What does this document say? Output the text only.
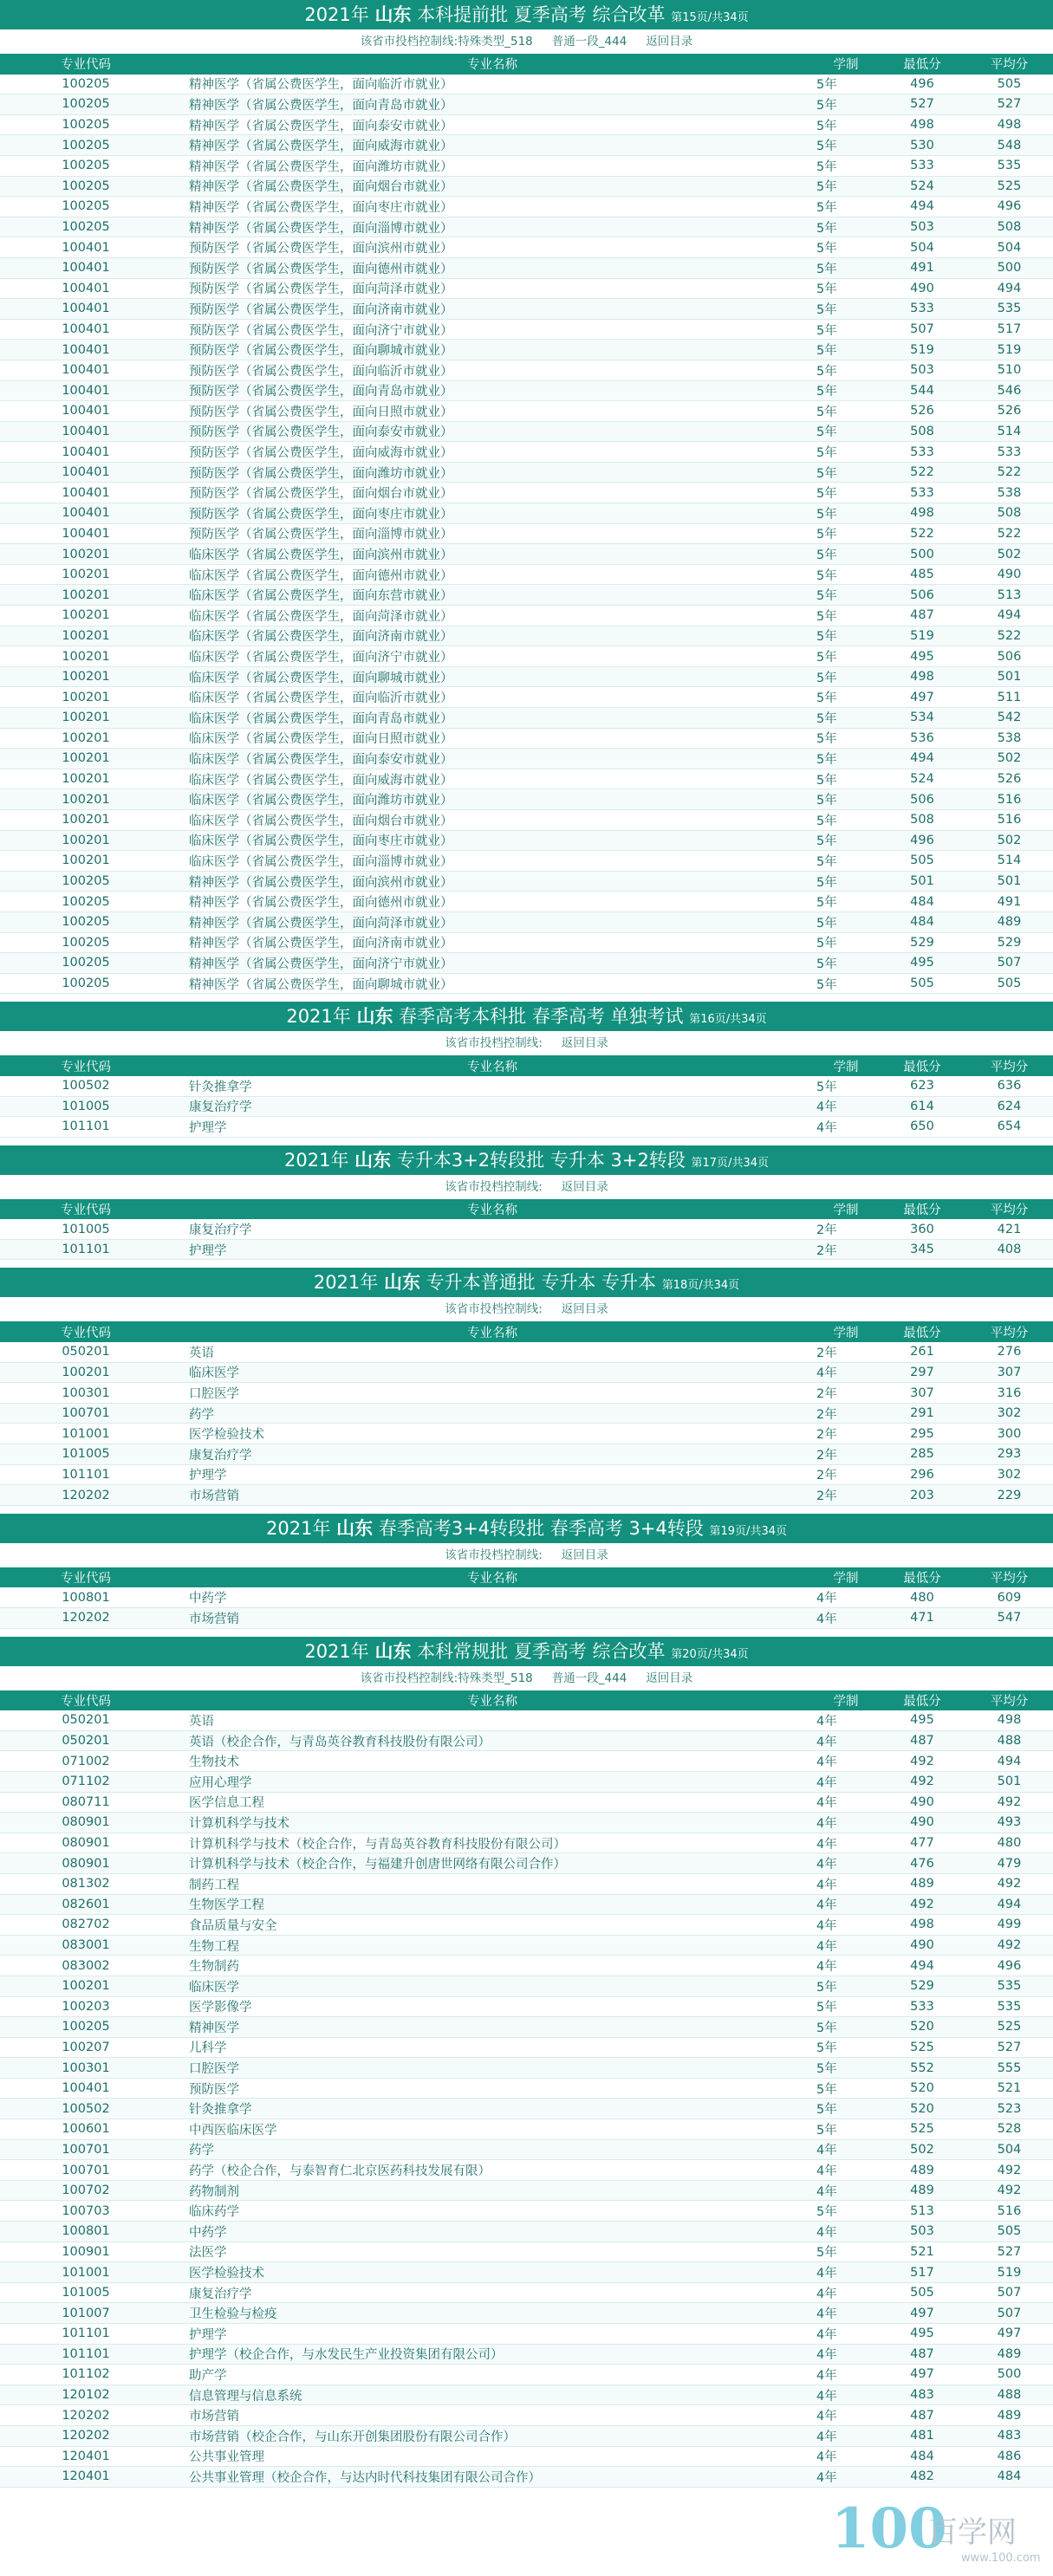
2021年 山东 本科提前批 夏季高考 综合改革 第15页/共34页
该省市投档控制线:特殊类型_518 普通一段_444 返回目录
专业代码	专业名称	学制	最低分	平均分
100205	精神医学（省属公费医学生，面向临沂市就业）	5年	496	505
100205	精神医学（省属公费医学生，面向青岛市就业）	5年	527	527
100205	精神医学（省属公费医学生，面向泰安市就业）	5年	498	498
100205	精神医学（省属公费医学生，面向威海市就业）	5年	530	548
100205	精神医学（省属公费医学生，面向潍坊市就业）	5年	533	535
100205	精神医学（省属公费医学生，面向烟台市就业）	5年	524	525
100205	精神医学（省属公费医学生，面向枣庄市就业）	5年	494	496
100205	精神医学（省属公费医学生，面向淄博市就业）	5年	503	508
100401	预防医学（省属公费医学生，面向滨州市就业）	5年	504	504
100401	预防医学（省属公费医学生，面向德州市就业）	5年	491	500
100401	预防医学（省属公费医学生，面向菏泽市就业）	5年	490	494
100401	预防医学（省属公费医学生，面向济南市就业）	5年	533	535
100401	预防医学（省属公费医学生，面向济宁市就业）	5年	507	517
100401	预防医学（省属公费医学生，面向聊城市就业）	5年	519	519
100401	预防医学（省属公费医学生，面向临沂市就业）	5年	503	510
100401	预防医学（省属公费医学生，面向青岛市就业）	5年	544	546
100401	预防医学（省属公费医学生，面向日照市就业）	5年	526	526
100401	预防医学（省属公费医学生，面向泰安市就业）	5年	508	514
100401	预防医学（省属公费医学生，面向威海市就业）	5年	533	533
100401	预防医学（省属公费医学生，面向潍坊市就业）	5年	522	522
100401	预防医学（省属公费医学生，面向烟台市就业）	5年	533	538
100401	预防医学（省属公费医学生，面向枣庄市就业）	5年	498	508
100401	预防医学（省属公费医学生，面向淄博市就业）	5年	522	522
100201	临床医学（省属公费医学生，面向滨州市就业）	5年	500	502
100201	临床医学（省属公费医学生，面向德州市就业）	5年	485	490
100201	临床医学（省属公费医学生，面向东营市就业）	5年	506	513
100201	临床医学（省属公费医学生，面向菏泽市就业）	5年	487	494
100201	临床医学（省属公费医学生，面向济南市就业）	5年	519	522
100201	临床医学（省属公费医学生，面向济宁市就业）	5年	495	506
100201	临床医学（省属公费医学生，面向聊城市就业）	5年	498	501
100201	临床医学（省属公费医学生，面向临沂市就业）	5年	497	511
100201	临床医学（省属公费医学生，面向青岛市就业）	5年	534	542
100201	临床医学（省属公费医学生，面向日照市就业）	5年	536	538
100201	临床医学（省属公费医学生，面向泰安市就业）	5年	494	502
100201	临床医学（省属公费医学生，面向威海市就业）	5年	524	526
100201	临床医学（省属公费医学生，面向潍坊市就业）	5年	506	516
100201	临床医学（省属公费医学生，面向烟台市就业）	5年	508	516
100201	临床医学（省属公费医学生，面向枣庄市就业）	5年	496	502
100201	临床医学（省属公费医学生，面向淄博市就业）	5年	505	514
100205	精神医学（省属公费医学生，面向滨州市就业）	5年	501	501
100205	精神医学（省属公费医学生，面向德州市就业）	5年	484	491
100205	精神医学（省属公费医学生，面向菏泽市就业）	5年	484	489
100205	精神医学（省属公费医学生，面向济南市就业）	5年	529	529
100205	精神医学（省属公费医学生，面向济宁市就业）	5年	495	507
100205	精神医学（省属公费医学生，面向聊城市就业）	5年	505	505
2021年 山东 春季高考本科批 春季高考 单独考试 第16页/共34页
该省市投档控制线: 返回目录
专业代码	专业名称	学制	最低分	平均分
100502	针灸推拿学	5年	623	636
101005	康复治疗学	4年	614	624
101101	护理学	4年	650	654
2021年 山东 专升本3+2转段批 专升本 3+2转段 第17页/共34页
该省市投档控制线: 返回目录
专业代码	专业名称	学制	最低分	平均分
101005	康复治疗学	2年	360	421
101101	护理学	2年	345	408
2021年 山东 专升本普通批 专升本 专升本 第18页/共34页
该省市投档控制线: 返回目录
专业代码	专业名称	学制	最低分	平均分
050201	英语	2年	261	276
100201	临床医学	4年	297	307
100301	口腔医学	2年	307	316
100701	药学	2年	291	302
101001	医学检验技术	2年	295	300
101005	康复治疗学	2年	285	293
101101	护理学	2年	296	302
120202	市场营销	2年	203	229
2021年 山东 春季高考3+4转段批 春季高考 3+4转段 第19页/共34页
该省市投档控制线: 返回目录
专业代码	专业名称	学制	最低分	平均分
100801	中药学	4年	480	609
120202	市场营销	4年	471	547
2021年 山东 本科常规批 夏季高考 综合改革 第20页/共34页
该省市投档控制线:特殊类型_518 普通一段_444 返回目录
专业代码	专业名称	学制	最低分	平均分
050201	英语	4年	495	498
050201	英语（校企合作，与青岛英谷教育科技股份有限公司）	4年	487	488
071002	生物技术	4年	492	494
071102	应用心理学	4年	492	501
080711	医学信息工程	4年	490	492
080901	计算机科学与技术	4年	490	493
080901	计算机科学与技术（校企合作，与青岛英谷教育科技股份有限公司）	4年	477	480
080901	计算机科学与技术（校企合作，与福建升创唐世网络有限公司合作）	4年	476	479
081302	制药工程	4年	489	492
082601	生物医学工程	4年	492	494
082702	食品质量与安全	4年	498	499
083001	生物工程	4年	490	492
083002	生物制药	4年	494	496
100201	临床医学	5年	529	535
100203	医学影像学	5年	533	535
100205	精神医学	5年	520	525
100207	儿科学	5年	525	527
100301	口腔医学	5年	552	555
100401	预防医学	5年	520	521
100502	针灸推拿学	5年	520	523
100601	中西医临床医学	5年	525	528
100701	药学	4年	502	504
100701	药学（校企合作，与泰智育仁北京医药科技发展有限）	4年	489	492
100702	药物制剂	4年	489	492
100703	临床药学	5年	513	516
100801	中药学	4年	503	505
100901	法医学	5年	521	527
101001	医学检验技术	4年	517	519
101005	康复治疗学	4年	505	507
101007	卫生检验与检疫	4年	497	507
101101	护理学	4年	495	497
101101	护理学（校企合作，与水发民生产业投资集团有限公司）	4年	487	489
101102	助产学	4年	497	500
120102	信息管理与信息系统	4年	483	488
120202	市场营销	4年	487	489
120202	市场营销（校企合作，与山东开创集团股份有限公司合作）	4年	481	483
120401	公共事业管理	4年	484	486
120401	公共事业管理（校企合作，与达内时代科技集团有限公司合作）	4年	482	484
100
百学网
www.100.com
